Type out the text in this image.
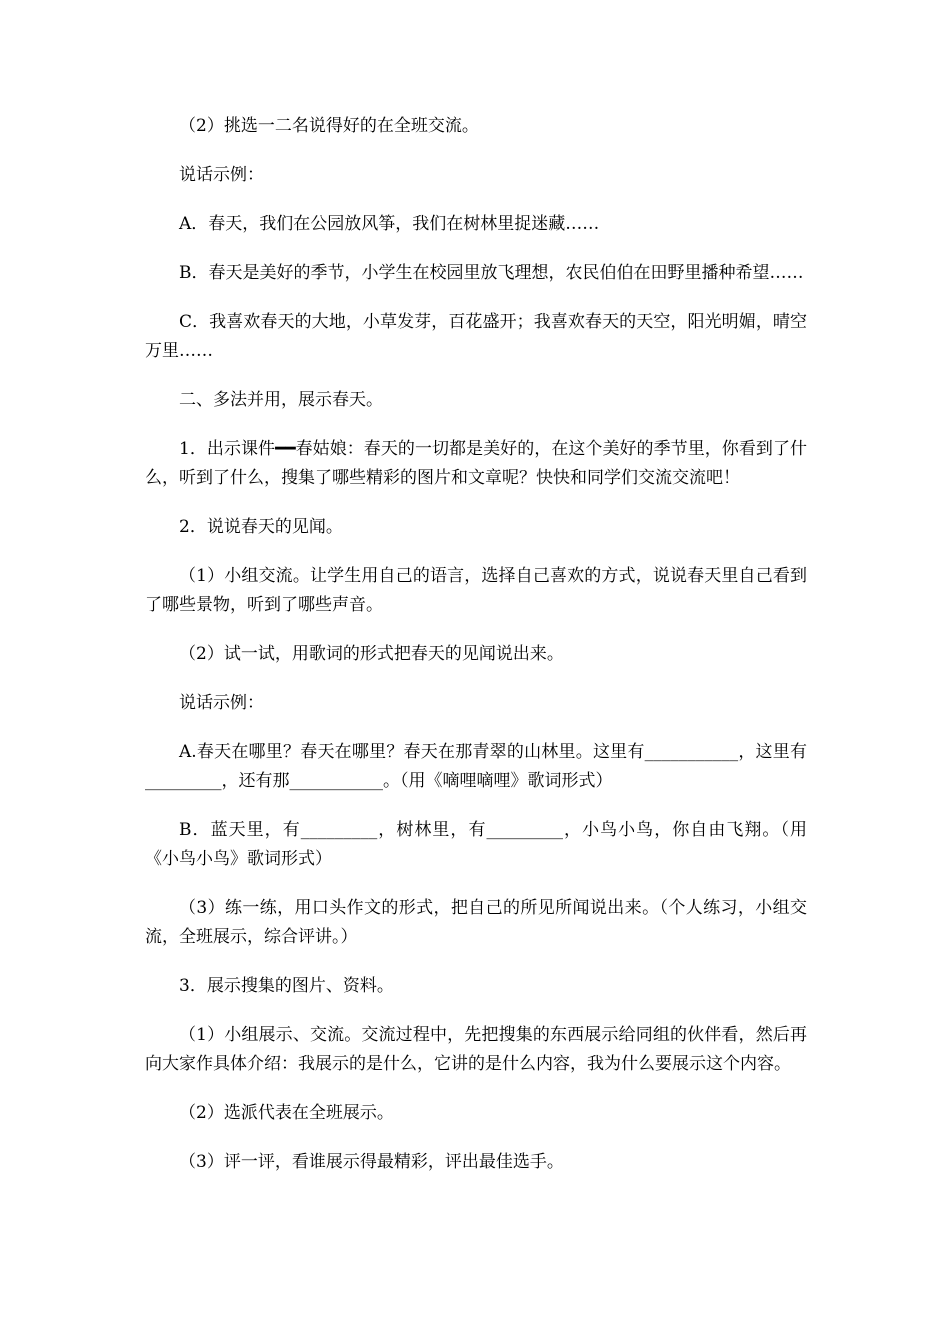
（2）挑选一二名说得好的在全班交流。

说话示例：

A．春天，我们在公园放风筝，我们在树林里捉迷藏……

B．春天是美好的季节，小学生在校园里放飞理想，农民伯伯在田野里播种希望……

C．我喜欢春天的大地，小草发芽，百花盛开；我喜欢春天的天空，阳光明媚，晴空万里……

二、多法并用，展示春天。

1．出示课件━━春姑娘：春天的一切都是美好的，在这个美好的季节里，你看到了什么，听到了什么，搜集了哪些精彩的图片和文章呢？快快和同学们交流交流吧！

2．说说春天的见闻。

（1）小组交流。让学生用自己的语言，选择自己喜欢的方式，说说春天里自己看到了哪些景物，听到了哪些声音。

（2）试一试，用歌词的形式把春天的见闻说出来。

说话示例：

A.春天在哪里？春天在哪里？春天在那青翠的山林里。这里有___________，这里有_________，还有那___________。（用《嘀哩嘀哩》歌词形式）

B．蓝天里，有_________，树林里，有_________，小鸟小鸟，你自由飞翔。（用《小鸟小鸟》歌词形式）

（3）练一练，用口头作文的形式，把自己的所见所闻说出来。（个人练习，小组交流，全班展示，综合评讲。）

3．展示搜集的图片、资料。

（1）小组展示、交流。交流过程中，先把搜集的东西展示给同组的伙伴看，然后再向大家作具体介绍：我展示的是什么，它讲的是什么内容，我为什么要展示这个内容。

（2）选派代表在全班展示。

（3）评一评，看谁展示得最精彩，评出最佳选手。
